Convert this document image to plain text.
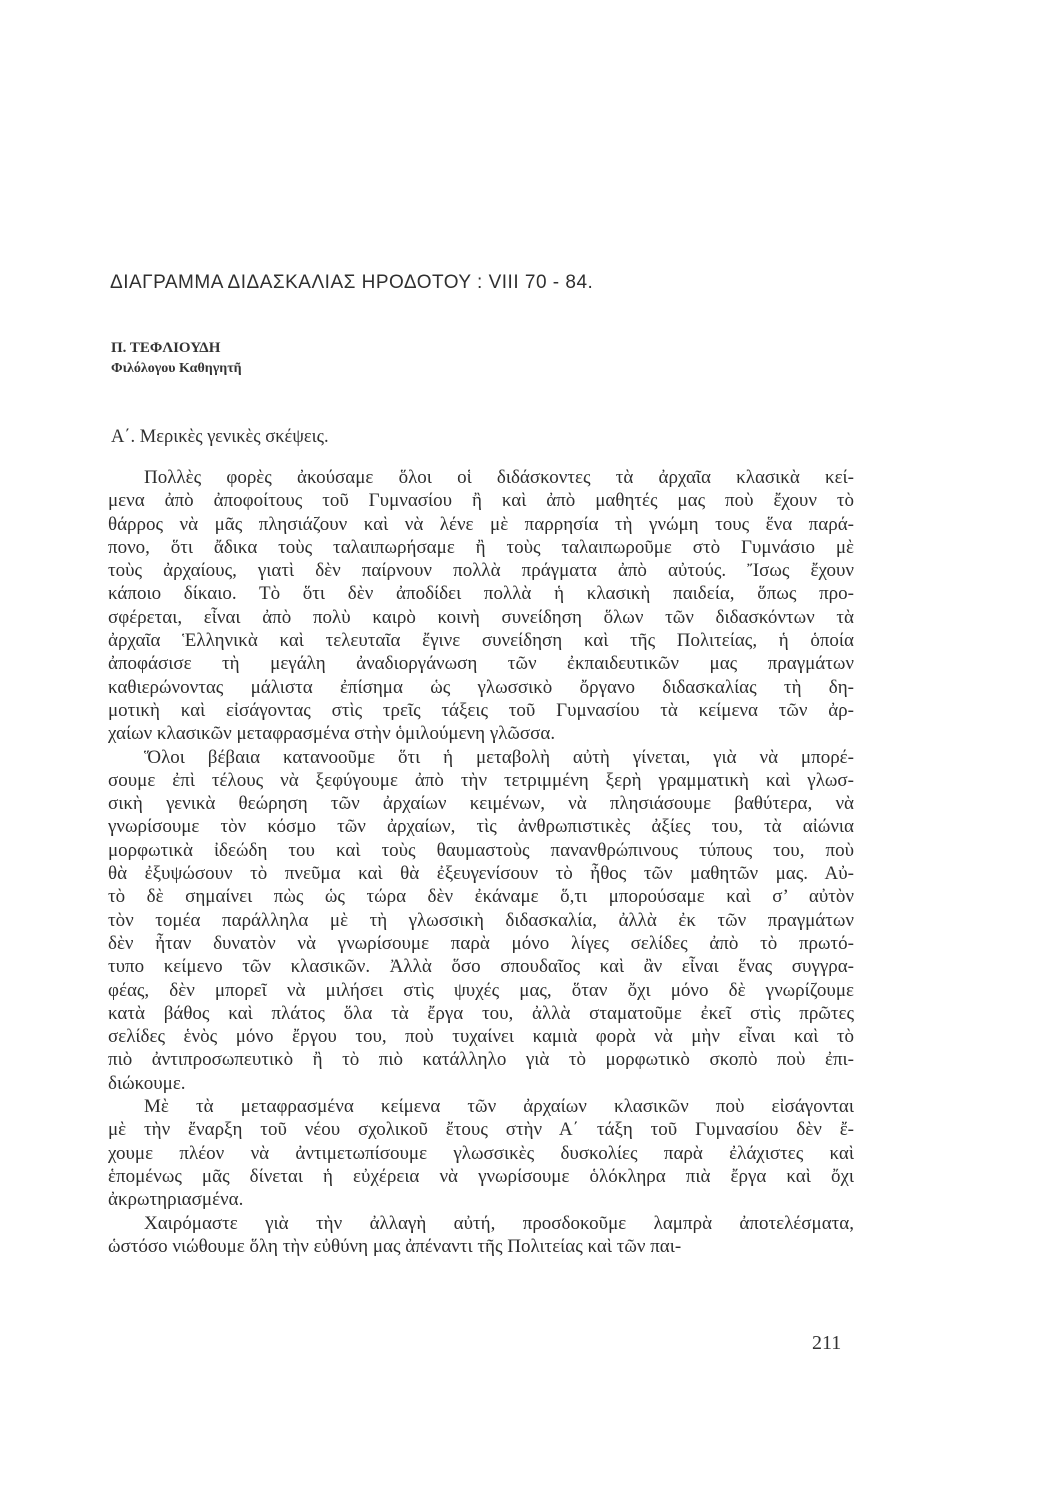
ΔΙΑΓΡΑΜΜΑ ΔΙΔΑΣΚΑΛΙΑΣ ΗΡΟΔΟΤΟΥ : VIII 70 - 84.
Π. ΤΕΦΛΙΟΥΔΗ
Φιλόλογου Καθηγητῆ
Α΄. Μερικὲς γενικὲς σκέψεις.
Πολλὲς φορὲς ἀκούσαμε ὅλοι οἱ διδάσκοντες τὰ ἀρχαῖα κλασικὰ κεί-
μενα ἀπὸ ἀποφοίτους τοῦ Γυμνασίου ἢ καὶ ἀπὸ μαθητές μας ποὺ ἔχουν τὸ
θάρρος νὰ μᾶς πλησιάζουν καὶ νὰ λένε μὲ παρρησία τὴ γνώμη τους ἕνα παρά-
πονο, ὅτι ἄδικα τοὺς ταλαιπωρήσαμε ἢ τοὺς ταλαιπωροῦμε στὸ Γυμνάσιο μὲ
τοὺς ἀρχαίους, γιατὶ δὲν παίρνουν πολλὰ πράγματα ἀπὸ αὐτούς. Ἴσως ἔχουν
κάποιο δίκαιο. Τὸ ὅτι δὲν ἀποδίδει πολλὰ ἡ κλασικὴ παιδεία, ὅπως προ-
σφέρεται, εἶναι ἀπὸ πολὺ καιρὸ κοινὴ συνείδηση ὅλων τῶν διδασκόντων τὰ
ἀρχαῖα Ἑλληνικὰ καὶ τελευταῖα ἔγινε συνείδηση καὶ τῆς Πολιτείας, ἡ ὁποία
ἀποφάσισε τὴ μεγάλη ἀναδιοργάνωση τῶν ἐκπαιδευτικῶν μας πραγμάτων
καθιερώνοντας μάλιστα ἐπίσημα ὡς γλωσσικὸ ὄργανο διδασκαλίας τὴ δη-
μοτικὴ καὶ εἰσάγοντας στὶς τρεῖς τάξεις τοῦ Γυμνασίου τὰ κείμενα τῶν ἀρ-
χαίων κλασικῶν μεταφρασμένα στὴν ὁμιλούμενη γλῶσσα.
Ὅλοι βέβαια κατανοοῦμε ὅτι ἡ μεταβολὴ αὐτὴ γίνεται, γιὰ νὰ μπορέ-
σουμε ἐπὶ τέλους νὰ ξεφύγουμε ἀπὸ τὴν τετριμμένη ξερὴ γραμματικὴ καὶ γλωσ-
σικὴ γενικὰ θεώρηση τῶν ἀρχαίων κειμένων, νὰ πλησιάσουμε βαθύτερα, νὰ
γνωρίσουμε τὸν κόσμο τῶν ἀρχαίων, τὶς ἀνθρωπιστικὲς ἀξίες του, τὰ αἰώνια
μορφωτικὰ ἰδεώδη του καὶ τοὺς θαυμαστοὺς πανανθρώπινους τύπους του, ποὺ
θὰ ἐξυψώσουν τὸ πνεῦμα καὶ θὰ ἐξευγενίσουν τὸ ἦθος τῶν μαθητῶν μας. Αὐ-
τὸ δὲ σημαίνει πὼς ὡς τώρα δὲν ἐκάναμε ὅ,τι μπορούσαμε καὶ σ’ αὐτὸν
τὸν τομέα παράλληλα μὲ τὴ γλωσσικὴ διδασκαλία, ἀλλὰ ἐκ τῶν πραγμάτων
δὲν ἦταν δυνατὸν νὰ γνωρίσουμε παρὰ μόνο λίγες σελίδες ἀπὸ τὸ πρωτό-
τυπο κείμενο τῶν κλασικῶν. Ἀλλὰ ὅσο σπουδαῖος καὶ ἂν εἶναι ἕνας συγγρα-
φέας, δὲν μπορεῖ νὰ μιλήσει στὶς ψυχές μας, ὅταν ὄχι μόνο δὲ γνωρίζουμε
κατὰ βάθος καὶ πλάτος ὅλα τὰ ἔργα του, ἀλλὰ σταματοῦμε ἐκεῖ στὶς πρῶτες
σελίδες ἑνὸς μόνο ἔργου του, ποὺ τυχαίνει καμιὰ φορὰ νὰ μὴν εἶναι καὶ τὸ
πιὸ ἀντιπροσωπευτικὸ ἢ τὸ πιὸ κατάλληλο γιὰ τὸ μορφωτικὸ σκοπὸ ποὺ ἐπι-
διώκουμε.
Μὲ τὰ μεταφρασμένα κείμενα τῶν ἀρχαίων κλασικῶν ποὺ εἰσάγονται
μὲ τὴν ἔναρξη τοῦ νέου σχολικοῦ ἔτους στὴν Α΄ τάξη τοῦ Γυμνασίου δὲν ἔ-
χουμε πλέον νὰ ἀντιμετωπίσουμε γλωσσικὲς δυσκολίες παρὰ ἐλάχιστες καὶ
ἑπομένως μᾶς δίνεται ἡ εὐχέρεια νὰ γνωρίσουμε ὁλόκληρα πιὰ ἔργα καὶ ὄχι
ἀκρωτηριασμένα.
Χαιρόμαστε γιὰ τὴν ἀλλαγὴ αὐτή, προσδοκοῦμε λαμπρὰ ἀποτελέσματα,
ὡστόσο νιώθουμε ὅλη τὴν εὐθύνη μας ἀπέναντι τῆς Πολιτείας καὶ τῶν παι-
211
